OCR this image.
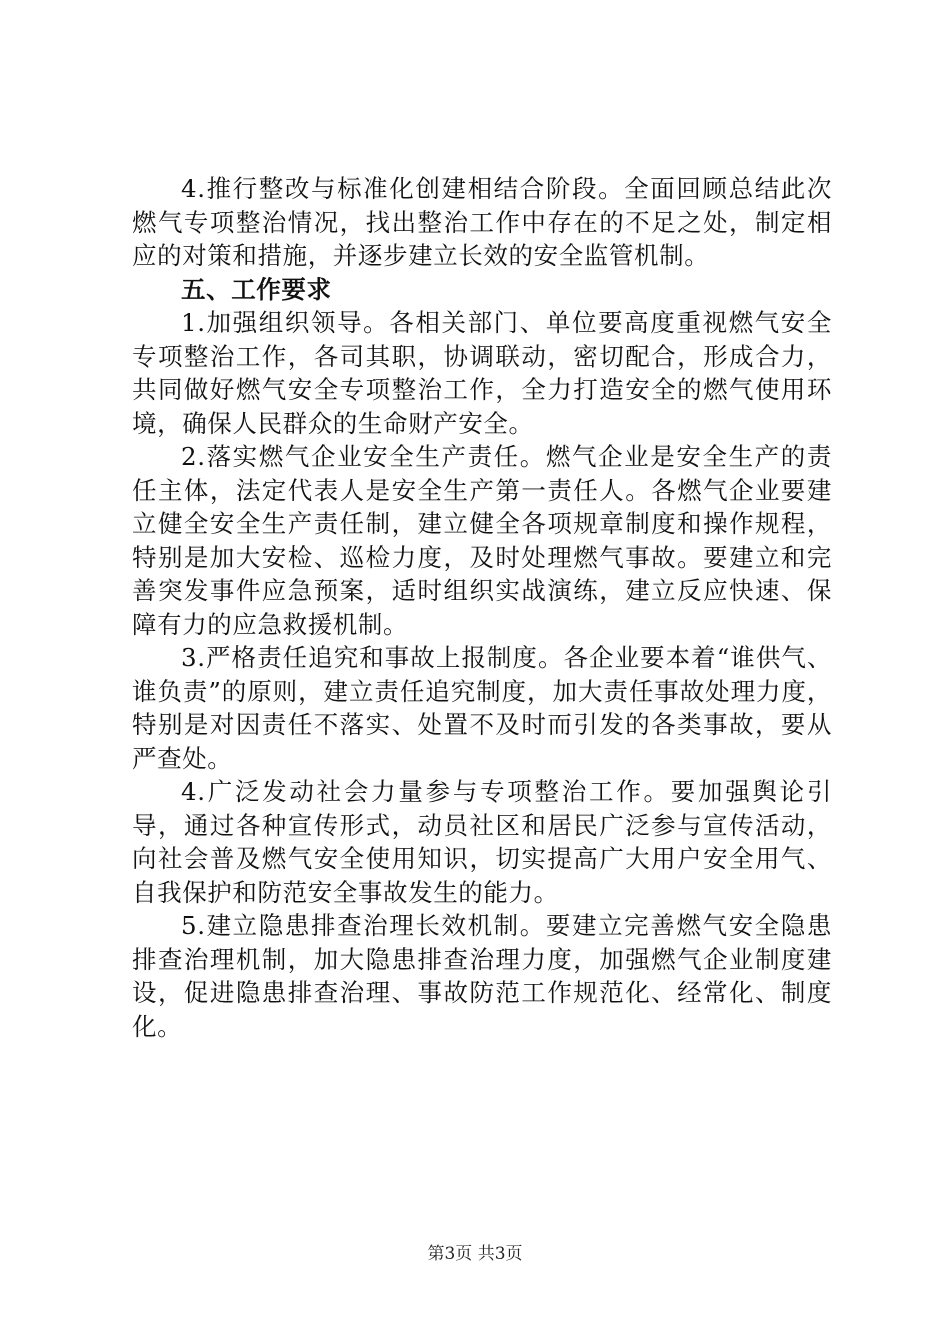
4.推行整改与标准化创建相结合阶段。全面回顾总结此次燃气专项整治情况，找出整治工作中存在的不足之处，制定相应的对策和措施，并逐步建立长效的安全监管机制。

五、工作要求

1.加强组织领导。各相关部门、单位要高度重视燃气安全专项整治工作，各司其职，协调联动，密切配合，形成合力，共同做好燃气安全专项整治工作，全力打造安全的燃气使用环境，确保人民群众的生命财产安全。

2.落实燃气企业安全生产责任。燃气企业是安全生产的责任主体，法定代表人是安全生产第一责任人。各燃气企业要建立健全安全生产责任制，建立健全各项规章制度和操作规程，特别是加大安检、巡检力度，及时处理燃气事故。要建立和完善突发事件应急预案，适时组织实战演练，建立反应快速、保障有力的应急救援机制。

3.严格责任追究和事故上报制度。各企业要本着“谁供气、谁负责”的原则，建立责任追究制度，加大责任事故处理力度，特别是对因责任不落实、处置不及时而引发的各类事故，要从严查处。

4.广泛发动社会力量参与专项整治工作。要加强舆论引导，通过各种宣传形式，动员社区和居民广泛参与宣传活动，向社会普及燃气安全使用知识，切实提高广大用户安全用气、自我保护和防范安全事故发生的能力。

5.建立隐患排查治理长效机制。要建立完善燃气安全隐患排查治理机制，加大隐患排查治理力度，加强燃气企业制度建设，促进隐患排查治理、事故防范工作规范化、经常化、制度化。

第3页 共3页
